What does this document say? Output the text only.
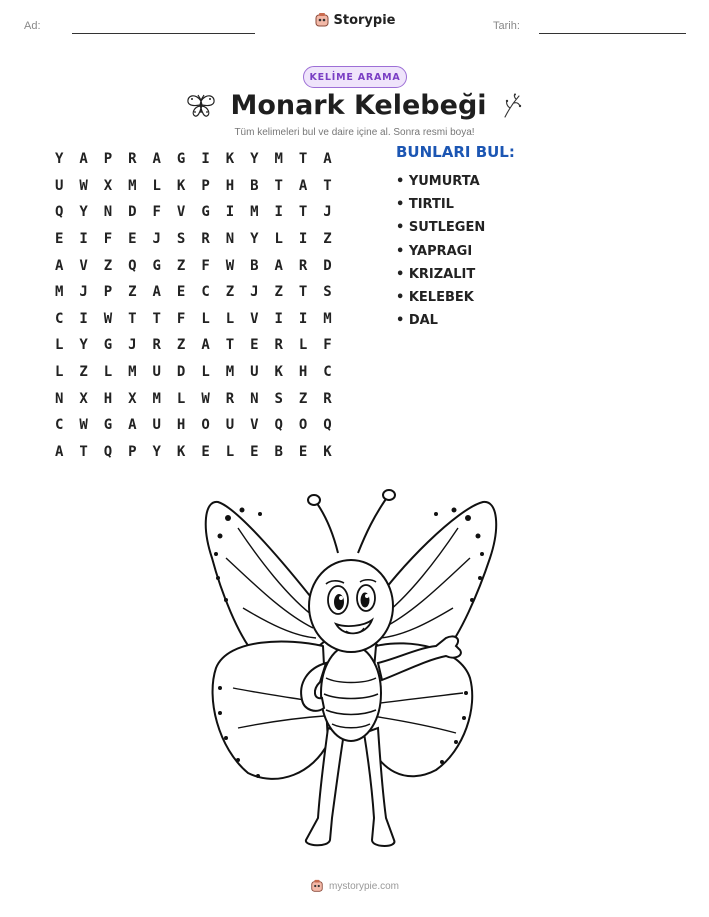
Ad:	Storypie	Tarih:
KELİME ARAMA
Monark Kelebeği

Tüm kelimeleri bul ve daire içine al. Sonra resmi boya!

Y	A	P	R	A	G	I	K	Y	M	T	A
U	W	X	M	L	K	P	H	B	T	A	T
Q	Y	N	D	F	V	G	I	M	I	T	J
E	I	F	E	J	S	R	N	Y	L	I	Z
A	V	Z	Q	G	Z	F	W	B	A	R	D
M	J	P	Z	A	E	C	Z	J	Z	T	S
C	I	W	T	T	F	L	L	V	I	I	M
L	Y	G	J	R	Z	A	T	E	R	L	F
L	Z	L	M	U	D	L	M	U	K	H	C
N	X	H	X	M	L	W	R	N	S	Z	R
C	W	G	A	U	H	O	U	V	Q	O	Q
A	T	Q	P	Y	K	E	L	E	B	E	K
BUNLARI BUL:
• YUMURTA
• TIRTIL
• SUTLEGEN
• YAPRAGI
• KRIZALIT
• KELEBEK
• DAL
mystorypie.com
